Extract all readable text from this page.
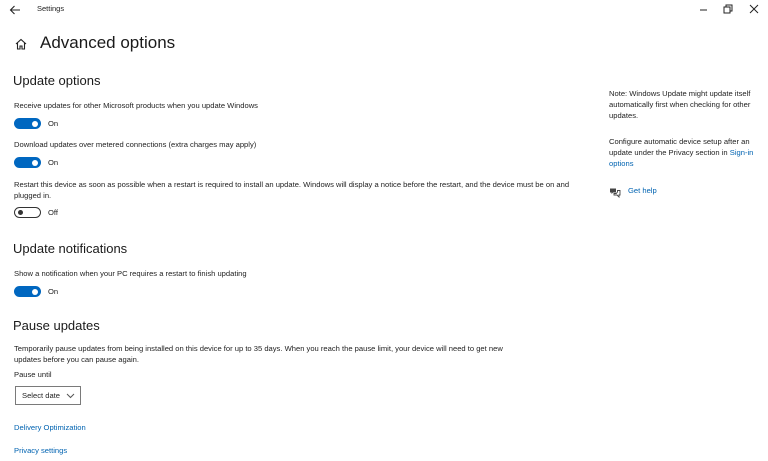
Settings
Advanced options
Update options
Receive updates for other Microsoft products when you update Windows
On
Download updates over metered connections (extra charges may apply)
On
Restart this device as soon as possible when a restart is required to install an update. Windows will display a notice before the restart, and the device must be on and plugged in.
Off
Update notifications
Show a notification when your PC requires a restart to finish updating
On
Pause updates
Temporarily pause updates from being installed on this device for up to 35 days. When you reach the pause limit, your device will need to get new updates before you can pause again.
Pause until
Select date
Delivery Optimization
Privacy settings
Note: Windows Update might update itself automatically first when checking for other updates.
Configure automatic device setup after an update under the Privacy section in Sign-in options
Get help
